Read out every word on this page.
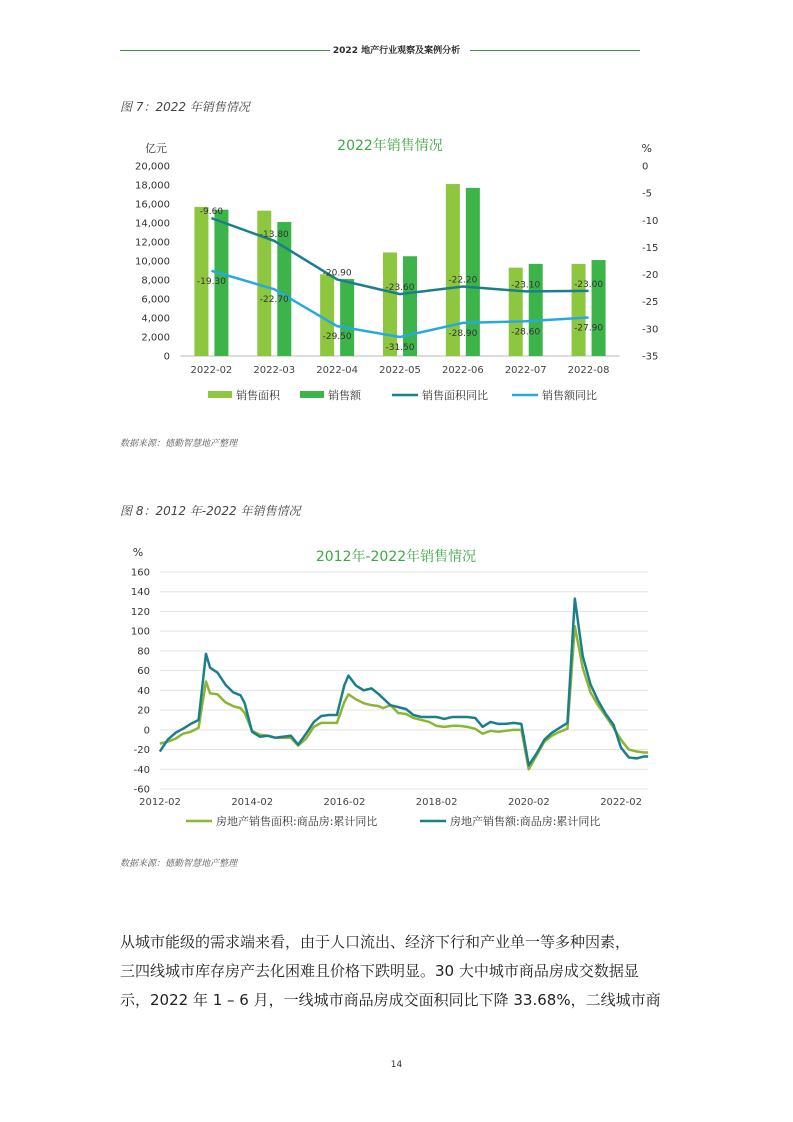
2022 地产行业观察及案例分析
图 7：2022 年销售情况
2022年销售情况
亿元	%
0
2,000
4,000
6,000
8,000
10,000
12,000
14,000
16,000
18,000
20,000	0
-5
-10
-15
-20
-25
-30
-35
2022-02 2022-03 2022-04 2022-05 2022-06 2022-07 2022-08
-9.60
-13.80
-20.90
-23.60
-22.20	-23.10	-23.00
-19.30
-22.70
-29.50
-31.50
-28.90	-28.60	-27.90
销售面积	销售额	销售面积同比	销售额同比
数据来源：德勤智慧地产整理
图 8：2012 年-2022 年销售情况
2012年-2022年销售情况
%
-60
-40
-20
0
20
40
60
80
100
120
140
160
2012-02	2014-02	2016-02	2018-02	2020-02	2022-02
房地产销售面积:商品房:累计同比	房地产销售额:商品房:累计同比
数据来源：德勤智慧地产整理

从城市能级的需求端来看，由于人口流出、经济下行和产业单一等多种因素，

三四线城市库存房产去化困难且价格下跌明显。30 大中城市商品房成交数据显

示，2022 年 1 – 6 月，一线城市商品房成交面积同比下降 33.68%，二线城市商

14
